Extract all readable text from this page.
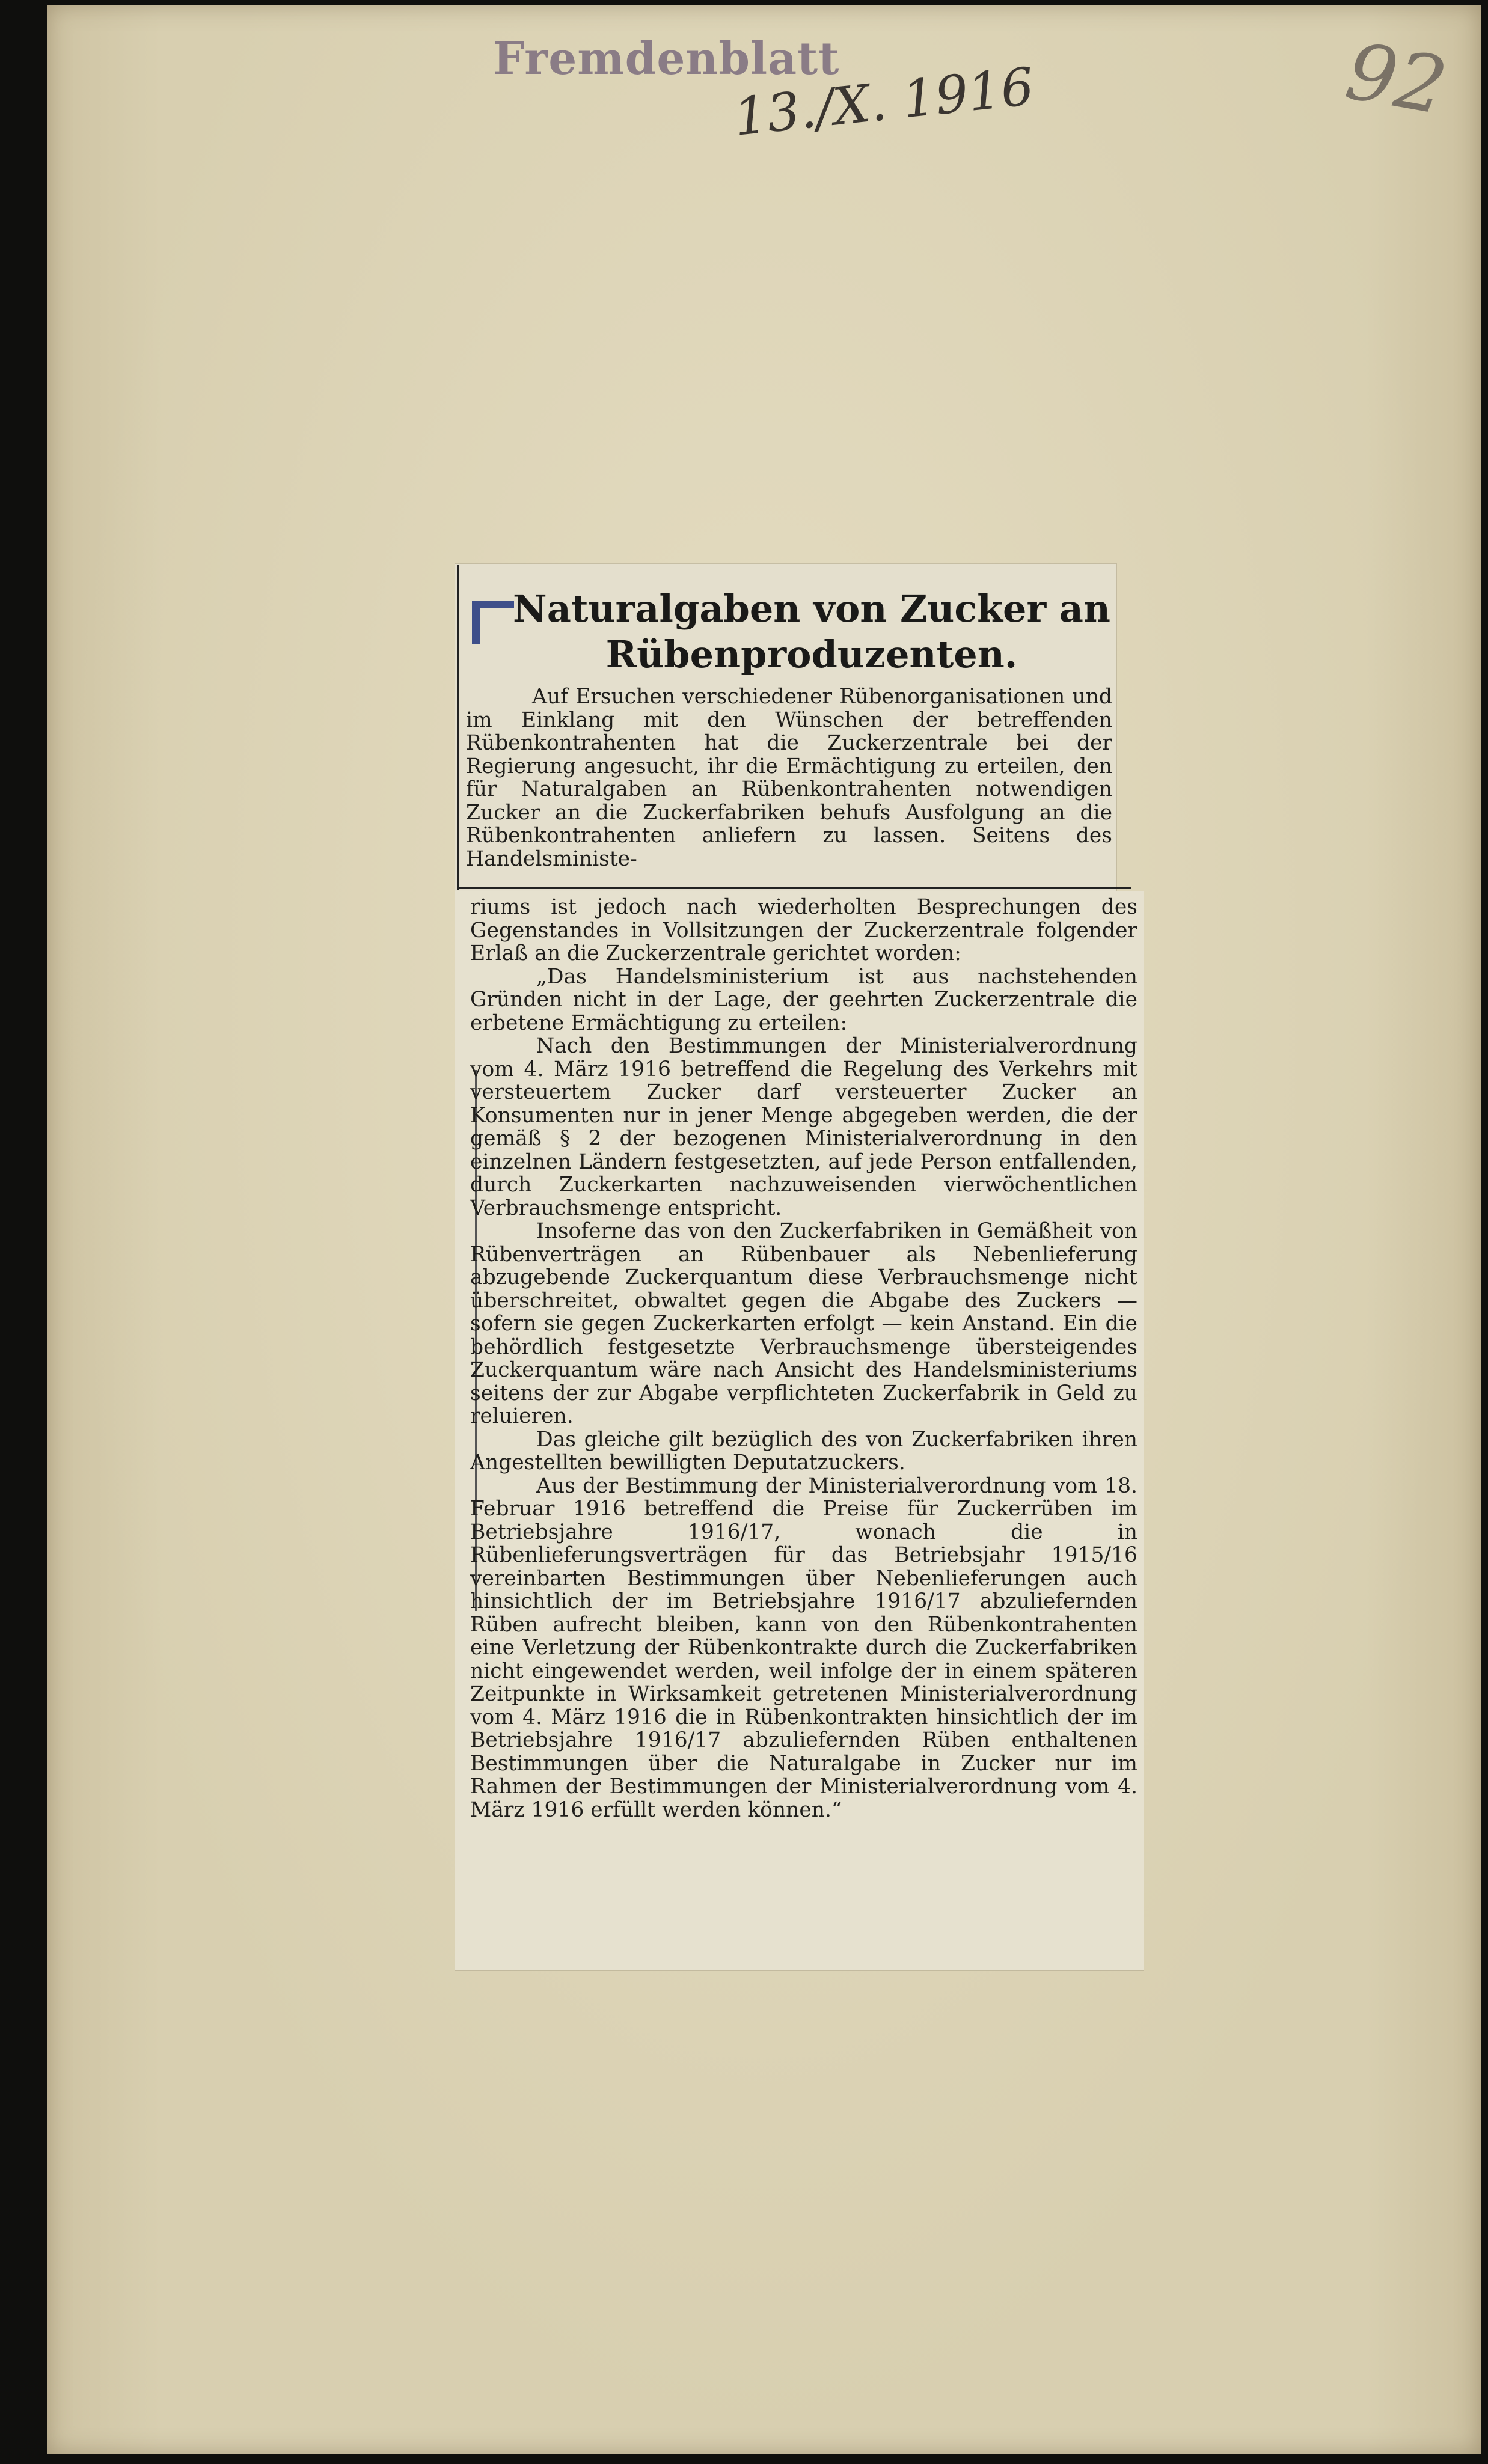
Fremdenblatt
13./X. 1916	92
Naturalgaben von Zucker an Rübenproduzenten.

Auf Ersuchen verschiedener Rübenorganisationen und im Einklang mit den Wünschen der betreffenden Rübenkontrahenten hat die Zuckerzentrale bei der Regierung angesucht, ihr die Ermächtigung zu erteilen, den für Naturalgaben an Rübenkontrahenten notwendigen Zucker an die Zuckerfabriken behufs Ausfolgung an die Rübenkontrahenten anliefern zu lassen. Seitens des Handelsministe-

riums ist jedoch nach wiederholten Besprechungen des Gegenstandes in Vollsitzungen der Zuckerzentrale folgender Erlaß an die Zuckerzentrale gerichtet worden:

„Das Handelsministerium ist aus nachstehenden Gründen nicht in der Lage, der geehrten Zuckerzentrale die erbetene Ermächtigung zu erteilen:

Nach den Bestimmungen der Ministerialverordnung vom 4. März 1916 betreffend die Regelung des Verkehrs mit versteuertem Zucker darf versteuerter Zucker an Konsumenten nur in jener Menge abgegeben werden, die der gemäß § 2 der bezogenen Ministerialverordnung in den einzelnen Ländern festgesetzten, auf jede Person entfallenden, durch Zuckerkarten nachzuweisenden vierwöchentlichen Verbrauchsmenge entspricht.

Insoferne das von den Zuckerfabriken in Gemäßheit von Rübenverträgen an Rübenbauer als Nebenlieferung abzugebende Zuckerquantum diese Verbrauchsmenge nicht überschreitet, obwaltet gegen die Abgabe des Zuckers — sofern sie gegen Zuckerkarten erfolgt — kein Anstand. Ein die behördlich festgesetzte Verbrauchsmenge übersteigendes Zuckerquantum wäre nach Ansicht des Handelsministeriums seitens der zur Abgabe verpflichteten Zuckerfabrik in Geld zu reluieren.

Das gleiche gilt bezüglich des von Zuckerfabriken ihren Angestellten bewilligten Deputatzuckers.

Aus der Bestimmung der Ministerialverordnung vom 18. Februar 1916 betreffend die Preise für Zuckerrüben im Betriebsjahre 1916/17, wonach die in Rübenlieferungsverträgen für das Betriebsjahr 1915/16 vereinbarten Bestimmungen über Nebenlieferungen auch hinsichtlich der im Betriebsjahre 1916/17 abzuliefernden Rüben aufrecht bleiben, kann von den Rübenkontrahenten eine Verletzung der Rübenkontrakte durch die Zuckerfabriken nicht eingewendet werden, weil infolge der in einem späteren Zeitpunkte in Wirksamkeit getretenen Ministerialverordnung vom 4. März 1916 die in Rübenkontrakten hinsichtlich der im Betriebsjahre 1916/17 abzuliefernden Rüben enthaltenen Bestimmungen über die Naturalgabe in Zucker nur im Rahmen der Bestimmungen der Ministerialverordnung vom 4. März 1916 erfüllt werden können.“
